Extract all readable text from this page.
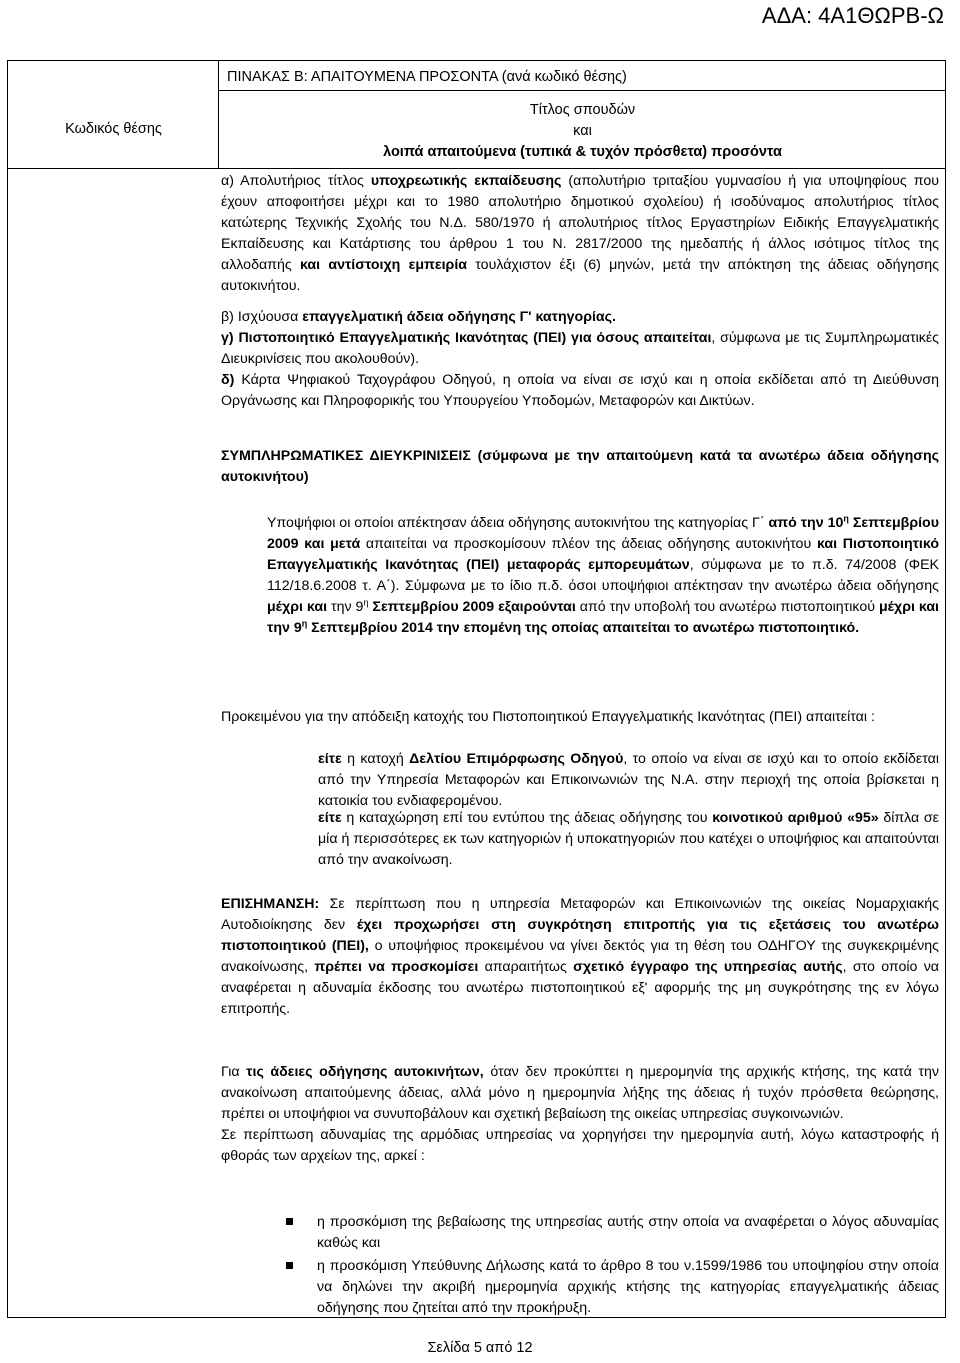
ΑΔΑ: 4Α1ΘΩΡΒ-Ω
Κωδικός θέσης
ΠΙΝΑΚΑΣ Β: ΑΠΑΙΤΟΥΜΕΝΑ ΠΡΟΣΟΝΤΑ (ανά κωδικό θέσης)
Τίτλος σπουδών
και
λοιπά απαιτούμενα (τυπικά & τυχόν πρόσθετα) προσόντα

α) Απολυτήριος τίτλος υποχρεωτικής εκπαίδευσης (απολυτήριο τριταξίου γυμνασίου ή για υποψηφίους που έχουν αποφοιτήσει μέχρι και το 1980 απολυτήριο δημοτικού σχολείου) ή ισοδύναμος απολυτήριος τίτλος κατώτερης Τεχνικής Σχολής του Ν.Δ. 580/1970 ή απολυτήριος τίτλος Εργαστηρίων Ειδικής Επαγγελματικής Εκπαίδευσης και Κατάρτισης του άρθρου 1 του Ν. 2817/2000 της ημεδαπής ή άλλος ισότιμος τίτλος της αλλοδαπής και αντίστοιχη εμπειρία τουλάχιστον έξι (6) μηνών, μετά την απόκτηση της άδειας οδήγησης αυτοκινήτου.

β) Ισχύουσα επαγγελματική άδεια οδήγησης Γ' κατηγορίας.

γ) Πιστοποιητικό Επαγγελματικής Ικανότητας (ΠΕΙ) για όσους απαιτείται, σύμφωνα με τις Συμπληρωματικές Διευκρινίσεις που ακολουθούν).

δ) Κάρτα Ψηφιακού Ταχογράφου Οδηγού, η οποία να είναι σε ισχύ και η οποία εκδίδεται από τη Διεύθυνση Οργάνωσης και Πληροφορικής του Υπουργείου Υποδομών, Μεταφορών και Δικτύων.

ΣΥΜΠΛΗΡΩΜΑΤΙΚΕΣ ΔΙΕΥΚΡΙΝΙΣΕΙΣ (σύμφωνα με την απαιτούμενη κατά τα ανωτέρω άδεια οδήγησης αυτοκινήτου)

Υποψήφιοι οι οποίοι απέκτησαν άδεια οδήγησης αυτοκινήτου της κατηγορίας Γ΄ από την $10^\eta$ Σεπτεμβρίου 2009 και μετά απαιτείται να προσκομίσουν πλέον της άδειας οδήγησης αυτοκινήτου και Πιστοποιητικό Επαγγελματικής Ικανότητας (ΠΕΙ) μεταφοράς εμπορευμάτων, σύμφωνα με το π.δ. 74/2008 (ΦΕΚ 112/18.6.2008 τ. Α΄). Σύμφωνα με το ίδιο π.δ. όσοι υποψήφιοι απέκτησαν την ανωτέρω άδεια οδήγησης μέχρι και την $9^\eta$ Σεπτεμβρίου 2009 εξαιρούνται από την υποβολή του ανωτέρω πιστοποιητικού μέχρι και την $9^\eta$ Σεπτεμβρίου 2014 την επομένη της οποίας απαιτείται το ανωτέρω πιστοποιητικό.

Προκειμένου για την απόδειξη κατοχής του Πιστοποιητικού Επαγγελματικής Ικανότητας (ΠΕΙ) απαιτείται :

είτε η κατοχή Δελτίου Επιμόρφωσης Οδηγού, το οποίο να είναι σε ισχύ και το οποίο εκδίδεται από την Υπηρεσία Μεταφορών και Επικοινωνιών της Ν.Α. στην περιοχή της οποία βρίσκεται η κατοικία του ενδιαφερομένου.

είτε η καταχώρηση επί του εντύπου της άδειας οδήγησης του κοινοτικού αριθμού «95» δίπλα σε μία ή περισσότερες εκ των κατηγοριών ή υποκατηγοριών που κατέχει ο υποψήφιος και απαιτούνται από την ανακοίνωση.

ΕΠΙΣΗΜΑΝΣΗ: Σε περίπτωση που η υπηρεσία Μεταφορών και Επικοινωνιών της οικείας Νομαρχιακής Αυτοδιοίκησης δεν έχει προχωρήσει στη συγκρότηση επιτροπής για τις εξετάσεις του ανωτέρω πιστοποιητικού (ΠΕΙ), ο υποψήφιος προκειμένου να γίνει δεκτός για τη θέση του ΟΔΗΓΟΥ της συγκεκριμένης ανακοίνωσης, πρέπει να προσκομίσει απαραιτήτως σχετικό έγγραφο της υπηρεσίας αυτής, στο οποίο να αναφέρεται η αδυναμία έκδοσης του ανωτέρω πιστοποιητικού εξ' αφορμής της μη συγκρότησης της εν λόγω επιτροπής.

Για τις άδειες οδήγησης αυτοκινήτων, όταν δεν προκύπτει η ημερομηνία της αρχικής κτήσης, της κατά την ανακοίνωση απαιτούμενης άδειας, αλλά μόνο η ημερομηνία λήξης της άδειας ή τυχόν πρόσθετα θεώρησης, πρέπει οι υποψήφιοι να συνυποβάλουν και σχετική βεβαίωση της οικείας υπηρεσίας συγκοινωνιών.

Σε περίπτωση αδυναμίας της αρμόδιας υπηρεσίας να χορηγήσει την ημερομηνία αυτή, λόγω καταστροφής ή φθοράς των αρχείων της, αρκεί :

η προσκόμιση της βεβαίωσης της υπηρεσίας αυτής στην οποία να αναφέρεται ο λόγος αδυναμίας καθώς και
η προσκόμιση Υπεύθυνης Δήλωσης κατά το άρθρο 8 του ν.1599/1986 του υποψηφίου στην οποία να δηλώνει την ακριβή ημερομηνία αρχικής κτήσης της κατηγορίας επαγγελματικής άδειας οδήγησης που ζητείται από την προκήρυξη.
Σελίδα 5 από 12
